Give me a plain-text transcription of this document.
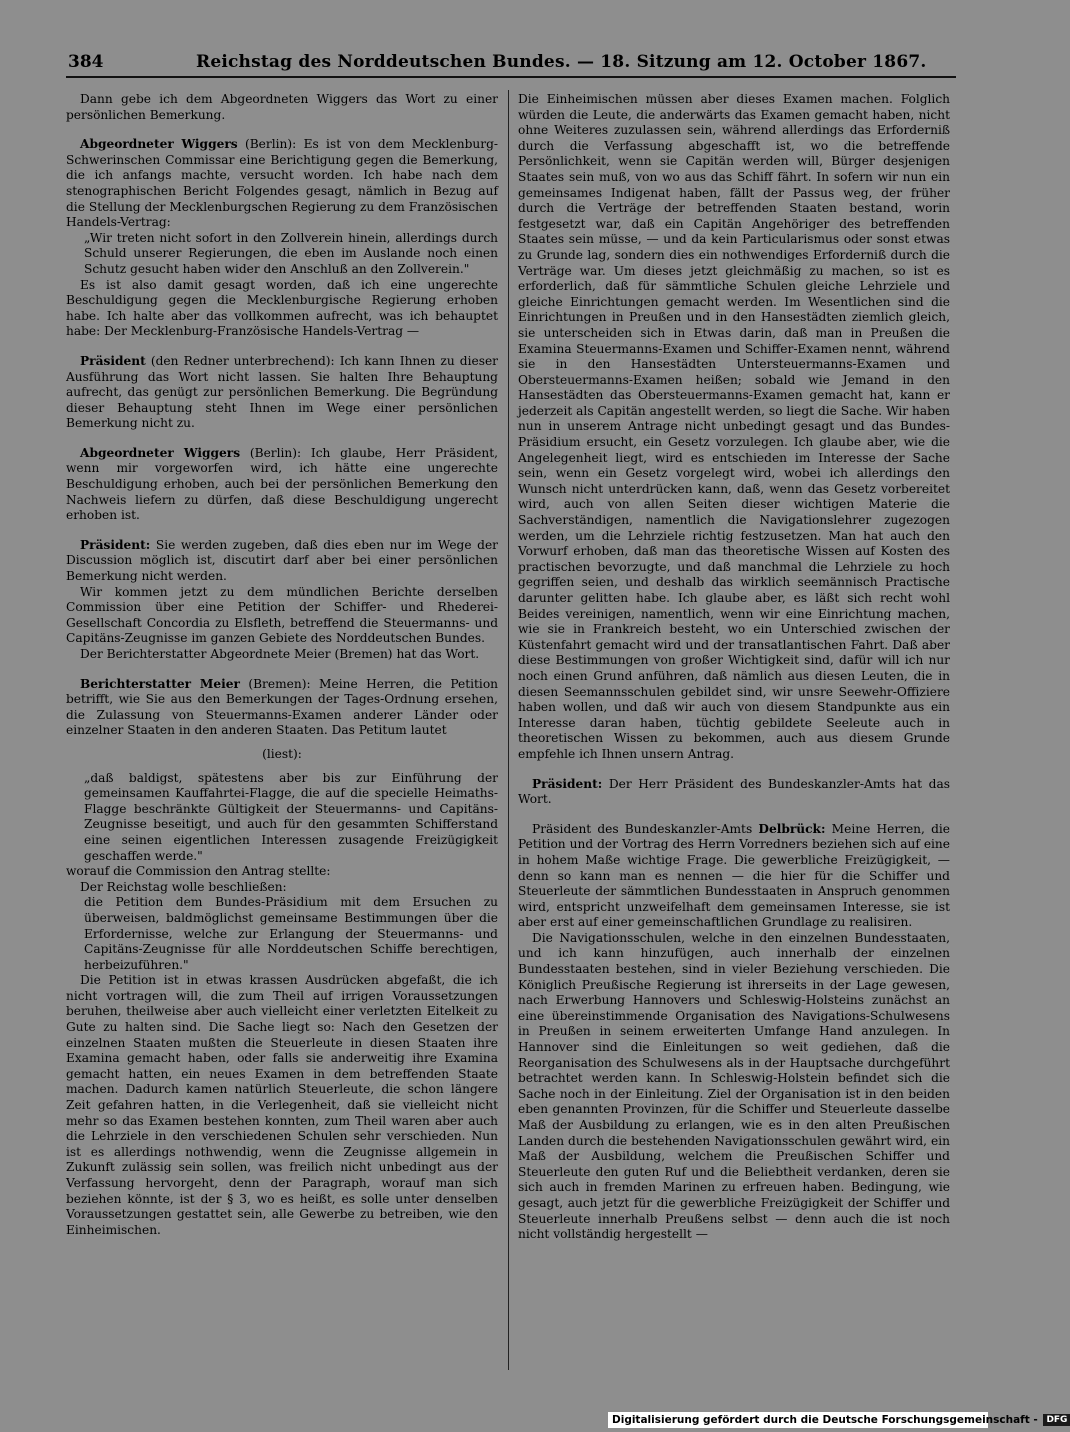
384	Reichstag des Norddeutschen Bundes. — 18. Sitzung am 12. October 1867.

Dann gebe ich dem Abgeordneten Wiggers das Wort zu einer persönlichen Bemerkung.

Abgeordneter Wiggers (Berlin): Es ist von dem Mecklenburg-Schwerinschen Commissar eine Berichtigung gegen die Bemerkung, die ich anfangs machte, versucht worden. Ich habe nach dem stenographischen Bericht Folgendes gesagt, nämlich in Bezug auf die Stellung der Mecklenburgschen Regierung zu dem Französischen Handels-Vertrag:

„Wir treten nicht sofort in den Zollverein hinein, allerdings durch Schuld unserer Regierungen, die eben im Auslande noch einen Schutz gesucht haben wider den Anschluß an den Zollverein."

Es ist also damit gesagt worden, daß ich eine ungerechte Beschuldigung gegen die Mecklenburgische Regierung erhoben habe. Ich halte aber das vollkommen aufrecht, was ich behauptet habe: Der Mecklenburg-Französische Handels-Vertrag —

Präsident (den Redner unterbrechend): Ich kann Ihnen zu dieser Ausführung das Wort nicht lassen. Sie halten Ihre Behauptung aufrecht, das genügt zur persönlichen Bemerkung. Die Begründung dieser Behauptung steht Ihnen im Wege einer persönlichen Bemerkung nicht zu.

Abgeordneter Wiggers (Berlin): Ich glaube, Herr Präsident, wenn mir vorgeworfen wird, ich hätte eine ungerechte Beschuldigung erhoben, auch bei der persönlichen Bemerkung den Nachweis liefern zu dürfen, daß diese Beschuldigung ungerecht erhoben ist.

Präsident: Sie werden zugeben, daß dies eben nur im Wege der Discussion möglich ist, discutirt darf aber bei einer persönlichen Bemerkung nicht werden.

Wir kommen jetzt zu dem mündlichen Berichte derselben Commission über eine Petition der Schiffer- und Rhederei-Gesellschaft Concordia zu Elsfleth, betreffend die Steuermanns- und Capitäns-Zeugnisse im ganzen Gebiete des Norddeutschen Bundes.

Der Berichterstatter Abgeordnete Meier (Bremen) hat das Wort.

Berichterstatter Meier (Bremen): Meine Herren, die Petition betrifft, wie Sie aus den Bemerkungen der Tages-Ordnung ersehen, die Zulassung von Steuermanns-Examen anderer Länder oder einzelner Staaten in den anderen Staaten. Das Petitum lautet

(liest):

„daß baldigst, spätestens aber bis zur Einführung der gemeinsamen Kauffahrtei-Flagge, die auf die specielle Heimaths-Flagge beschränkte Gültigkeit der Steuermanns- und Capitäns-Zeugnisse beseitigt, und auch für den gesammten Schifferstand eine seinen eigentlichen Interessen zusagende Freizügigkeit geschaffen werde."

worauf die Commission den Antrag stellte:

Der Reichstag wolle beschließen:

die Petition dem Bundes-Präsidium mit dem Ersuchen zu überweisen, baldmöglichst gemeinsame Bestimmungen über die Erfordernisse, welche zur Erlangung der Steuermanns- und Capitäns-Zeugnisse für alle Norddeutschen Schiffe berechtigen, herbeizuführen."

Die Petition ist in etwas krassen Ausdrücken abgefaßt, die ich nicht vortragen will, die zum Theil auf irrigen Voraussetzungen beruhen, theilweise aber auch vielleicht einer verletzten Eitelkeit zu Gute zu halten sind. Die Sache liegt so: Nach den Gesetzen der einzelnen Staaten mußten die Steuerleute in diesen Staaten ihre Examina gemacht haben, oder falls sie anderweitig ihre Examina gemacht hatten, ein neues Examen in dem betreffenden Staate machen. Dadurch kamen natürlich Steuerleute, die schon längere Zeit gefahren hatten, in die Verlegenheit, daß sie vielleicht nicht mehr so das Examen bestehen konnten, zum Theil waren aber auch die Lehrziele in den verschiedenen Schulen sehr verschieden. Nun ist es allerdings nothwendig, wenn die Zeugnisse allgemein in Zukunft zulässig sein sollen, was freilich nicht unbedingt aus der Verfassung hervorgeht, denn der Paragraph, worauf man sich beziehen könnte, ist der § 3, wo es heißt, es solle unter denselben Voraussetzungen gestattet sein, alle Gewerbe zu betreiben, wie den Einheimischen.

Die Einheimischen müssen aber dieses Examen machen. Folglich würden die Leute, die anderwärts das Examen gemacht haben, nicht ohne Weiteres zuzulassen sein, während allerdings das Erforderniß durch die Verfassung abgeschafft ist, wo die betreffende Persönlichkeit, wenn sie Capitän werden will, Bürger desjenigen Staates sein muß, von wo aus das Schiff fährt. In sofern wir nun ein gemeinsames Indigenat haben, fällt der Passus weg, der früher durch die Verträge der betreffenden Staaten bestand, worin festgesetzt war, daß ein Capitän Angehöriger des betreffenden Staates sein müsse, — und da kein Particularismus oder sonst etwas zu Grunde lag, sondern dies ein nothwendiges Erforderniß durch die Verträge war. Um dieses jetzt gleichmäßig zu machen, so ist es erforderlich, daß für sämmtliche Schulen gleiche Lehrziele und gleiche Einrichtungen gemacht werden. Im Wesentlichen sind die Einrichtungen in Preußen und in den Hansestädten ziemlich gleich, sie unterscheiden sich in Etwas darin, daß man in Preußen die Examina Steuermanns-Examen und Schiffer-Examen nennt, während sie in den Hansestädten Untersteuermanns-Examen und Obersteuermanns-Examen heißen; sobald wie Jemand in den Hansestädten das Obersteuermanns-Examen gemacht hat, kann er jederzeit als Capitän angestellt werden, so liegt die Sache. Wir haben nun in unserem Antrage nicht unbedingt gesagt und das Bundes-Präsidium ersucht, ein Gesetz vorzulegen. Ich glaube aber, wie die Angelegenheit liegt, wird es entschieden im Interesse der Sache sein, wenn ein Gesetz vorgelegt wird, wobei ich allerdings den Wunsch nicht unterdrücken kann, daß, wenn das Gesetz vorbereitet wird, auch von allen Seiten dieser wichtigen Materie die Sachverständigen, namentlich die Navigationslehrer zugezogen werden, um die Lehrziele richtig festzusetzen. Man hat auch den Vorwurf erhoben, daß man das theoretische Wissen auf Kosten des practischen bevorzugte, und daß manchmal die Lehrziele zu hoch gegriffen seien, und deshalb das wirklich seemännisch Practische darunter gelitten habe. Ich glaube aber, es läßt sich recht wohl Beides vereinigen, namentlich, wenn wir eine Einrichtung machen, wie sie in Frankreich besteht, wo ein Unterschied zwischen der Küstenfahrt gemacht wird und der transatlantischen Fahrt. Daß aber diese Bestimmungen von großer Wichtigkeit sind, dafür will ich nur noch einen Grund anführen, daß nämlich aus diesen Leuten, die in diesen Seemannsschulen gebildet sind, wir unsre Seewehr-Offiziere haben wollen, und daß wir auch von diesem Standpunkte aus ein Interesse daran haben, tüchtig gebildete Seeleute auch in theoretischen Wissen zu bekommen, auch aus diesem Grunde empfehle ich Ihnen unsern Antrag.

Präsident: Der Herr Präsident des Bundeskanzler-Amts hat das Wort.

Präsident des Bundeskanzler-Amts Delbrück: Meine Herren, die Petition und der Vortrag des Herrn Vorredners beziehen sich auf eine in hohem Maße wichtige Frage. Die gewerbliche Freizügigkeit, — denn so kann man es nennen — die hier für die Schiffer und Steuerleute der sämmtlichen Bundesstaaten in Anspruch genommen wird, entspricht unzweifelhaft dem gemeinsamen Interesse, sie ist aber erst auf einer gemeinschaftlichen Grundlage zu realisiren.

Die Navigationsschulen, welche in den einzelnen Bundesstaaten, und ich kann hinzufügen, auch innerhalb der einzelnen Bundesstaaten bestehen, sind in vieler Beziehung verschieden. Die Königlich Preußische Regierung ist ihrerseits in der Lage gewesen, nach Erwerbung Hannovers und Schleswig-Holsteins zunächst an eine übereinstimmende Organisation des Navigations-Schulwesens in Preußen in seinem erweiterten Umfange Hand anzulegen. In Hannover sind die Einleitungen so weit gediehen, daß die Reorganisation des Schulwesens als in der Hauptsache durchgeführt betrachtet werden kann. In Schleswig-Holstein befindet sich die Sache noch in der Einleitung. Ziel der Organisation ist in den beiden eben genannten Provinzen, für die Schiffer und Steuerleute dasselbe Maß der Ausbildung zu erlangen, wie es in den alten Preußischen Landen durch die bestehenden Navigationsschulen gewährt wird, ein Maß der Ausbildung, welchem die Preußischen Schiffer und Steuerleute den guten Ruf und die Beliebtheit verdanken, deren sie sich auch in fremden Marinen zu erfreuen haben. Bedingung, wie gesagt, auch jetzt für die gewerbliche Freizügigkeit der Schiffer und Steuerleute innerhalb Preußens selbst — denn auch die ist noch nicht vollständig hergestellt —

Digitalisierung gefördert durch die Deutsche Forschungsgemeinschaft - DFG
